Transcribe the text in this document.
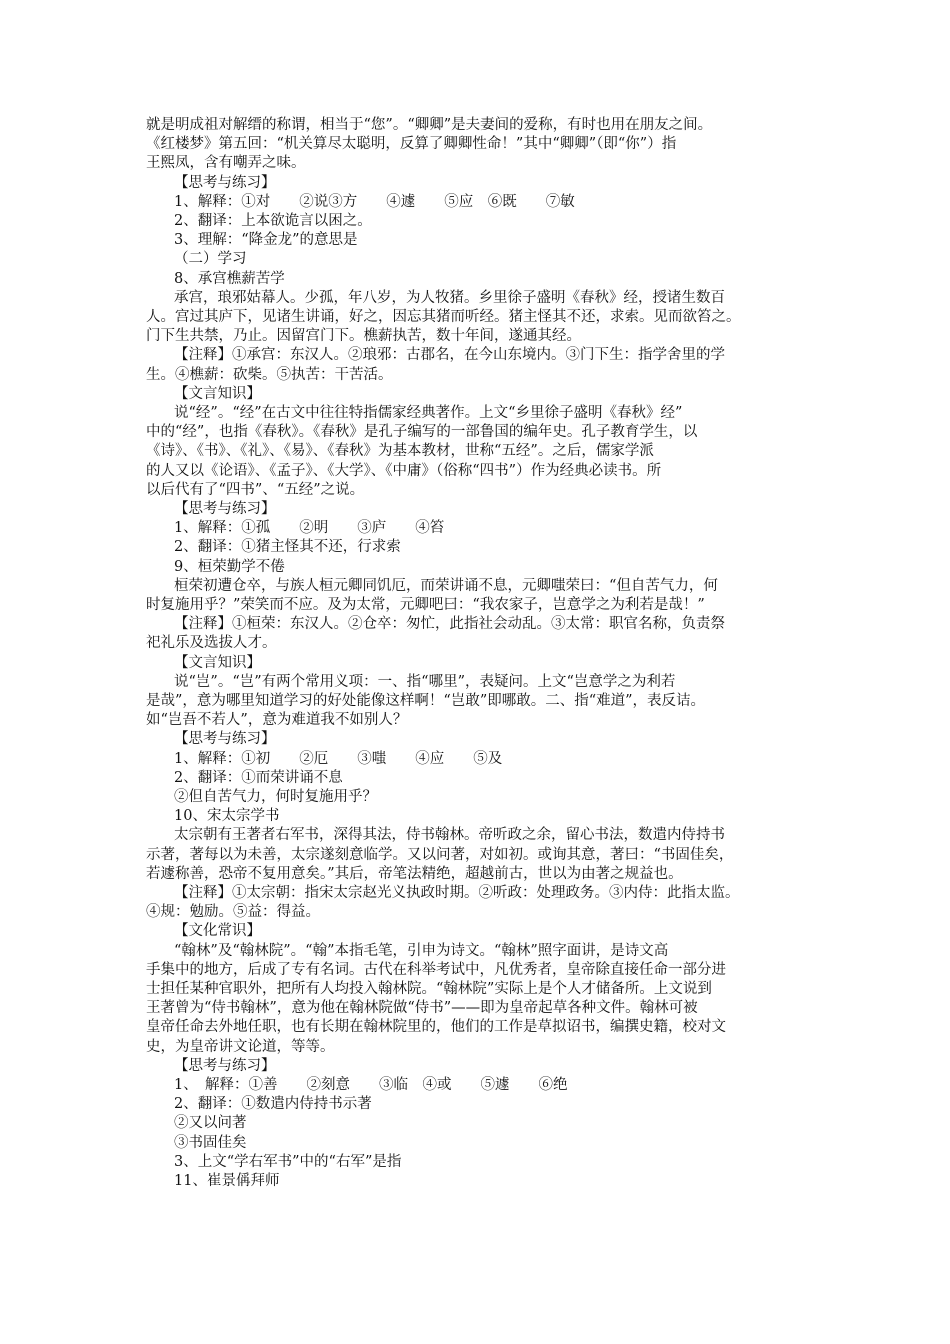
就是明成祖对解缙的称谓，相当于“您”。“卿卿”是夫妻间的爱称，有时也用在朋友之间。
《红楼梦》第五回：“机关算尽太聪明，反算了卿卿性命！”其中“卿卿”（即“你”）指
王熙凤，含有嘲弄之味。
【思考与练习】
1、解释：①对　　②说③方　　④遽　　⑤应　⑥既　　⑦敏
2、翻译：上本欲诡言以困之。
3、理解：“降金龙”的意思是
（二）学习
8、承宫樵薪苦学
承宫，琅邪姑幕人。少孤，年八岁，为人牧猪。乡里徐子盛明《春秋》经，授诸生数百
人。宫过其庐下，见诸生讲诵，好之，因忘其猪而听经。猪主怪其不还，求索。见而欲笞之。
门下生共禁，乃止。因留宫门下。樵薪执苦，数十年间，遂通其经。
【注释】①承宫：东汉人。②琅邪：古郡名，在今山东境内。③门下生：指学舍里的学
生。④樵薪：砍柴。⑤执苦：干苦活。
【文言知识】
说“经”。“经”在古文中往往特指儒家经典著作。上文“乡里徐子盛明《春秋》经”
中的“经”，也指《春秋》。《春秋》是孔子编写的一部鲁国的编年史。孔子教育学生，以
《诗》、《书》、《礼》、《易》、《春秋》为基本教材，世称“五经”。之后，儒家学派
的人又以《论语》、《孟子》、《大学》、《中庸》（俗称“四书”）作为经典必读书。所
以后代有了“四书”、“五经”之说。
【思考与练习】
1、解释：①孤　　②明　　③庐　　④笞
2、翻译：①猪主怪其不还，行求索
9、桓荣勤学不倦
桓荣初遭仓卒，与族人桓元卿同饥厄，而荣讲诵不息，元卿嗤荣曰：“但自苦气力，何
时复施用乎？”荣笑而不应。及为太常，元卿吧曰：“我农家子，岂意学之为利若是哉！”
【注释】①桓荣：东汉人。②仓卒：匆忙，此指社会动乱。③太常：职官名称，负责祭
祀礼乐及选拔人才。
【文言知识】
说“岂”。“岂”有两个常用义项：一、指“哪里”，表疑问。上文“岂意学之为利若
是哉”，意为哪里知道学习的好处能像这样啊！“岂敢”即哪敢。二、指“难道”，表反诘。
如“岂吾不若人”，意为难道我不如别人？
【思考与练习】
1、解释：①初　　②厄　　③嗤　　④应　　⑤及
2、翻译：①而荣讲诵不息
②但自苦气力，何时复施用乎？
10、宋太宗学书
太宗朝有王著者右军书，深得其法，侍书翰林。帝听政之余，留心书法，数遣内侍持书
示著，著每以为未善，太宗遂刻意临学。又以问著，对如初。或询其意，著曰：“书固佳矣，
若遽称善，恐帝不复用意矣。”其后，帝笔法精绝，超越前古，世以为由著之规益也。
【注释】①太宗朝：指宋太宗赵光义执政时期。②听政：处理政务。③内侍：此指太监。
④规：勉励。⑤益：得益。
【文化常识】
“翰林”及“翰林院”。“翰”本指毛笔，引申为诗文。“翰林”照字面讲，是诗文高
手集中的地方，后成了专有名词。古代在科举考试中，凡优秀者，皇帝除直接任命一部分进
士担任某种官职外，把所有人均投入翰林院。“翰林院”实际上是个人才储备所。上文说到
王著曾为“侍书翰林”，意为他在翰林院做“侍书”——即为皇帝起草各种文件。翰林可被
皇帝任命去外地任职，也有长期在翰林院里的，他们的工作是草拟诏书，编撰史籍，校对文
史，为皇帝讲文论道，等等。
【思考与练习】
1、　解释：①善　　②刻意　　③临　④或　　⑤遽　　⑥绝
2、翻译：①数遣内侍持书示著
②又以问著
③书固佳矣
3、上文“学右军书”中的“右军”是指
11、崔景偁拜师
